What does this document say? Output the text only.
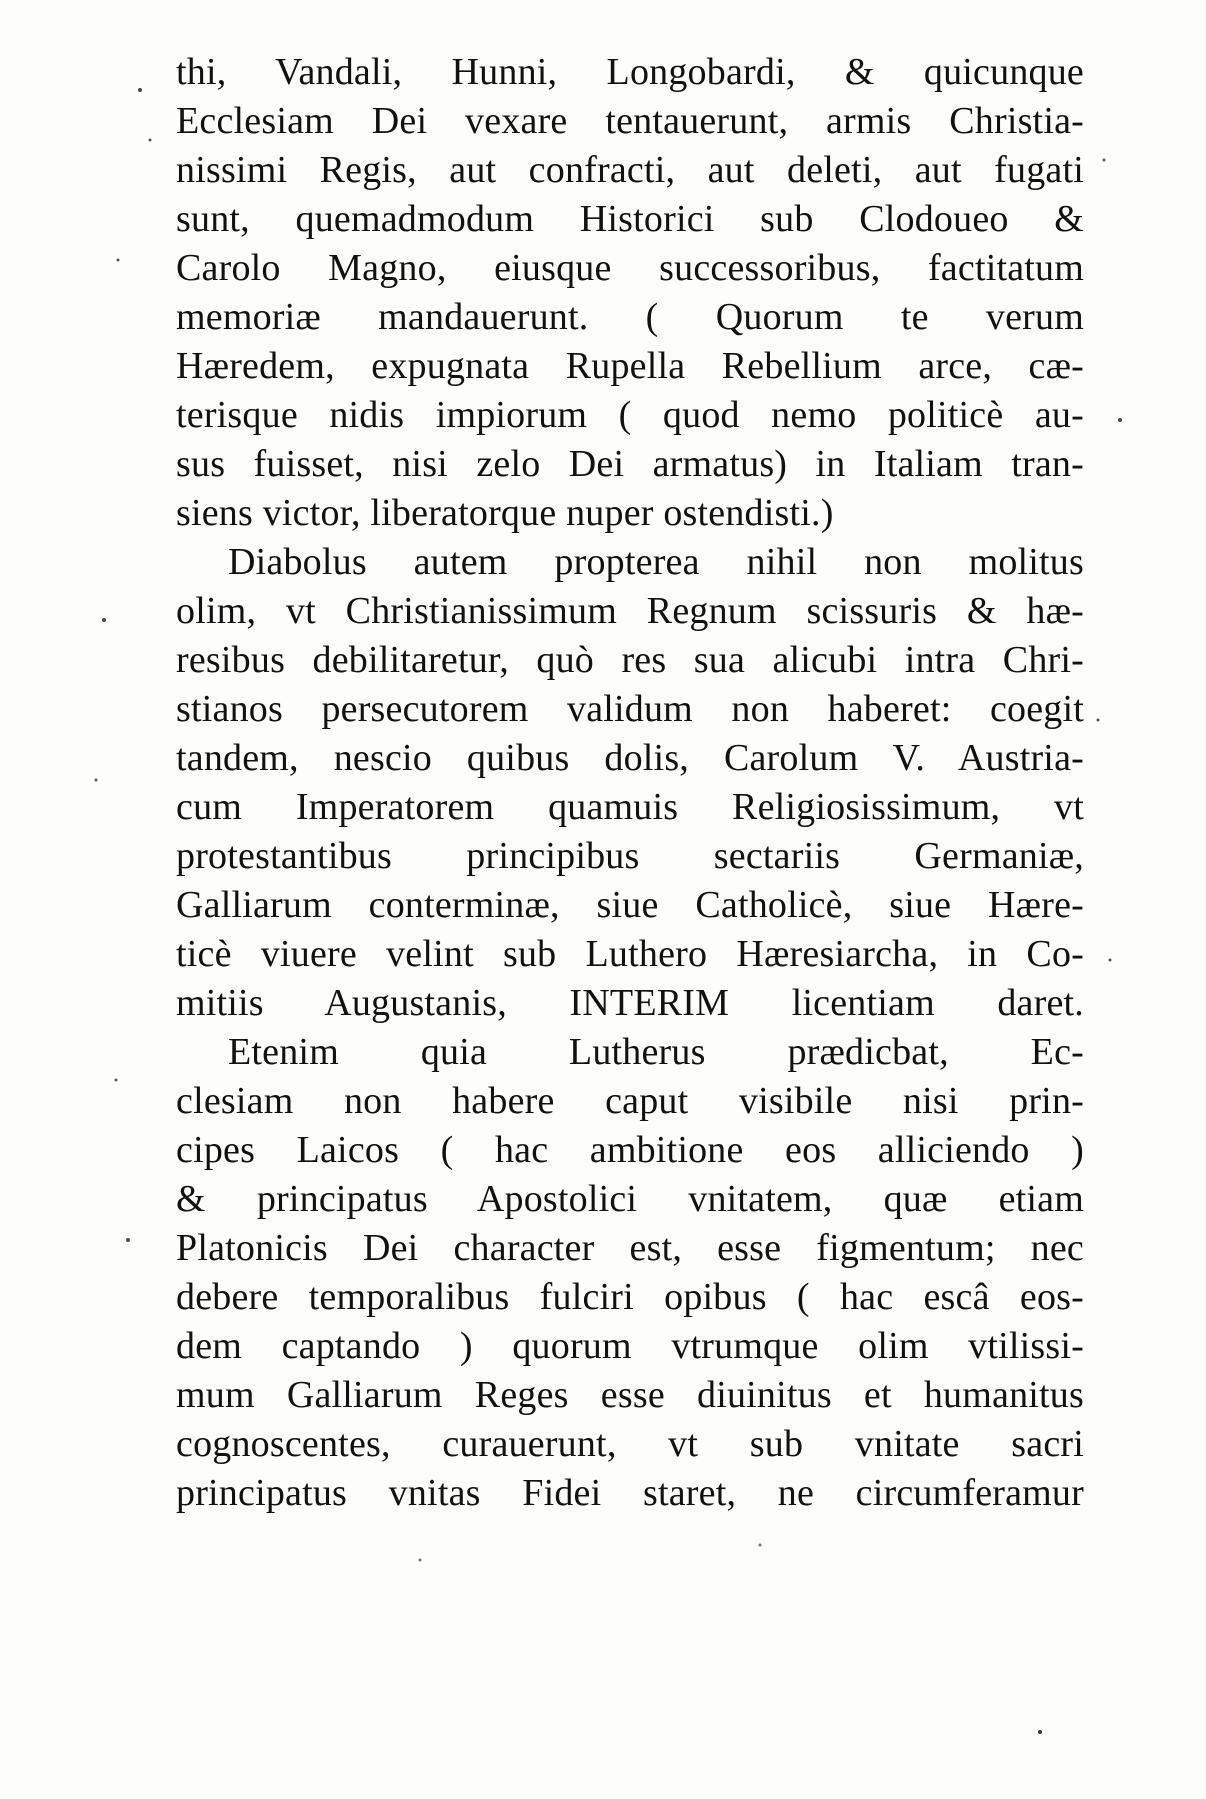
thi, Vandali, Hunni, Longobardi, & quicunque
Ecclesiam Dei vexare tentauerunt, armis Christia-
nissimi Regis, aut confracti, aut deleti, aut fugati
sunt, quemadmodum Historici sub Clodoueo &
Carolo Magno, eiusque successoribus, factitatum
memoriæ mandauerunt. ( Quorum te verum
Hæredem, expugnata Rupella Rebellium arce, cæ-
terisque nidis impiorum ( quod nemo politicè au-
sus fuisset, nisi zelo Dei armatus) in Italiam tran-
siens victor, liberatorque nuper ostendisti.)
Diabolus autem propterea nihil non molitus
olim, vt Christianissimum Regnum scissuris & hæ-
resibus debilitaretur, quò res sua alicubi intra Chri-
stianos persecutorem validum non haberet: coegit
tandem, nescio quibus dolis, Carolum V. Austria-
cum Imperatorem quamuis Religiosissimum, vt
protestantibus principibus sectariis Germaniæ,
Galliarum conterminæ, siue Catholicè, siue Hære-
ticè viuere velint sub Luthero Hæresiarcha, in Co-
mitiis Augustanis, INTERIM licentiam daret.
Etenim quia Lutherus prædicbat, Ec-
clesiam non habere caput visibile nisi prin-
cipes Laicos ( hac ambitione eos alliciendo )
& principatus Apostolici vnitatem, quæ etiam
Platonicis Dei character est, esse figmentum; nec
debere temporalibus fulciri opibus ( hac escâ eos-
dem captando ) quorum vtrumque olim vtilissi-
mum Galliarum Reges esse diuinitus et humanitus
cognoscentes, curauerunt, vt sub vnitate sacri
principatus vnitas Fidei staret, ne circumferamur
